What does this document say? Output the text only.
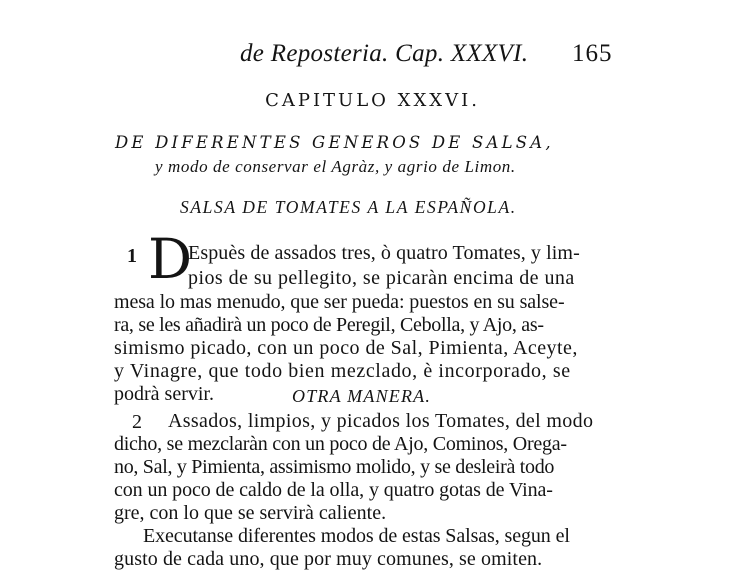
de Reposteria. Cap. XXXVI. 165
CAPITULO XXXVI.
DE DIFERENTES GENEROS DE SALSA,
y modo de conservar el Agràz, y agrio de Limon.
SALSA DE TOMATES A LA ESPAÑOLA.
1 D
Espuès de assados tres, ò quatro Tomates, y lim-
pios de su pellegito, se picaràn encima de una
mesa lo mas menudo, que ser pueda: puestos en su salse-
ra, se les añadirà un poco de Peregil, Cebolla, y Ajo, as-
simismo picado, con un poco de Sal, Pimienta, Aceyte,
y Vinagre, que todo bien mezclado, è incorporado, se
podrà servir.	OTRA MANERA.
2 Assados, limpios, y picados los Tomates, del modo
dicho, se mezclaràn con un poco de Ajo, Cominos, Orega-
no, Sal, y Pimienta, assimismo molido, y se desleirà todo
con un poco de caldo de la olla, y quatro gotas de Vina-
gre, con lo que se servirà caliente.
Executanse diferentes modos de estas Salsas, segun el
gusto de cada uno, que por muy comunes, se omiten.
